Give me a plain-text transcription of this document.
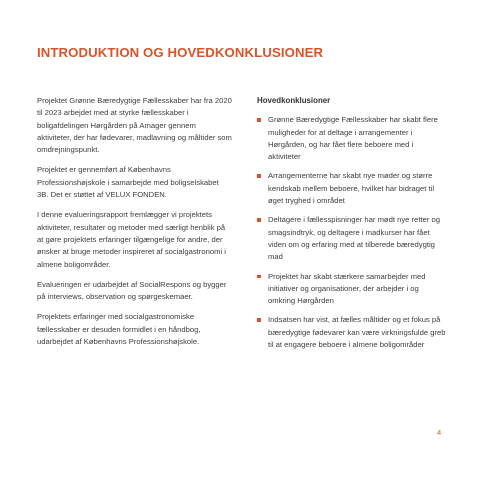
INTRODUKTION OG HOVEDKONKLUSIONER

Projektet Grønne Bæredygtige Fællesskaber har fra 2020 til 2023 arbejdet med at styrke fællesskaber i boligafdelingen Hørgården på Amager gennem aktiviteter, der har fødevarer, madlavning og måltider som omdrejningspunkt.

Projektet er gennemført af Københavns Professionshøjskole i samarbejde med boligselskabet 3B. Det er støttet af VELUX FONDEN.

I denne evalueringsrapport fremlægger vi projektets aktiviteter, resultater og metoder med særligt henblik på at gøre projektets erfaringer tilgængelige for andre, der ønsker at bruge metoder inspireret af socialgastronomi i almene boligområder.

Evalueringen er udarbejdet af SocialRespons og bygger på interviews, observation og spørgeskemaer.

Projektets erfaringer med socialgastronomiske fællesskaber er desuden formidlet i en håndbog, udarbejdet af Københavns Professionshøjskole.

Hovedkonklusioner
Grønne Bæredygtige Fællesskaber har skabt flere muligheder for at deltage i arrangementer i Hørgården, og har fået flere beboere med i aktiviteter
Arrangementerne har skabt nye møder og større kendskab mellem beboere, hvilket har bidraget til øget tryghed i området
Deltagere i fællesspisninger har mødt nye retter og smagsindtryk, og deltagere i madkurser har fået viden om og erfaring med at tilberede bæredygtig mad
Projektet har skabt stærkere samarbejder med initiativer og organisationer, der arbejder i og omkring Hørgården
Indsatsen har vist, at fælles måltider og et fokus på bæredygtige fødevarer kan være virkningsfulde greb til at engagere beboere i almene boligområder
4
